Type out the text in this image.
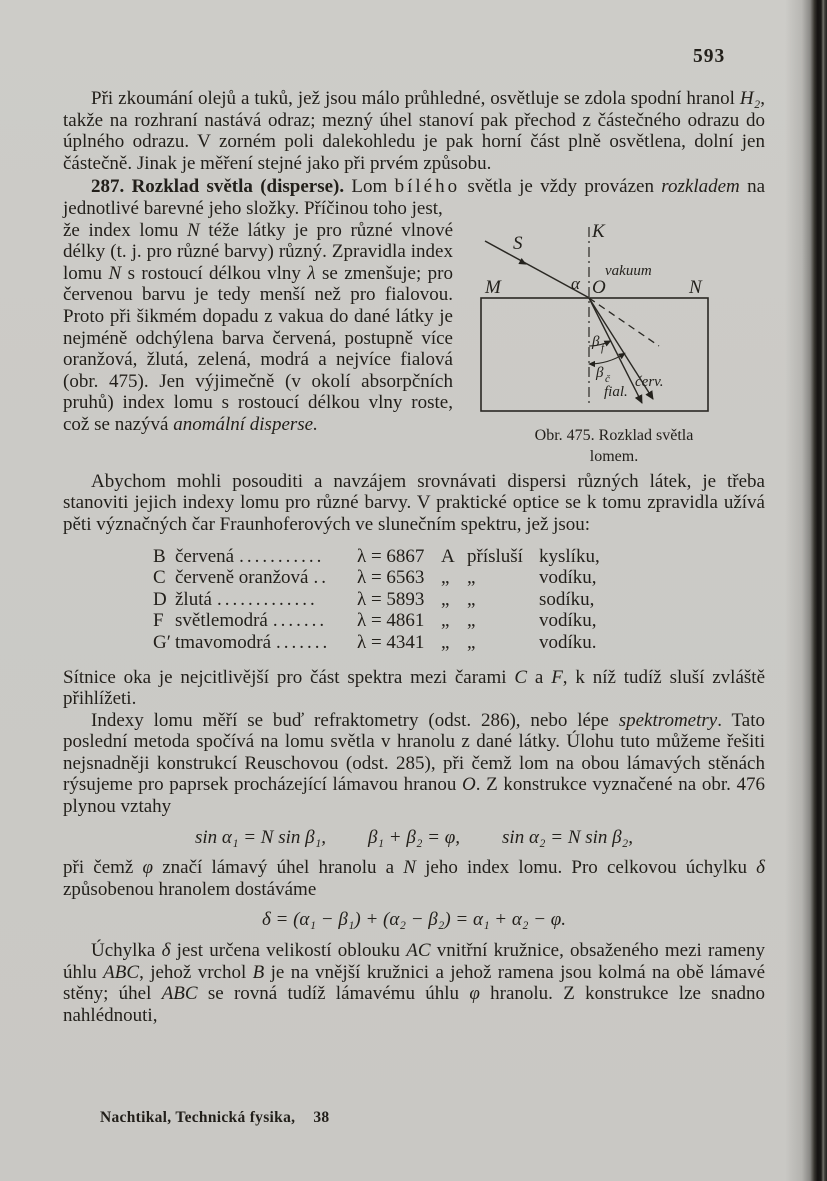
593

Při zkoumání olejů a tuků, jež jsou málo průhledné, osvětluje se zdola spodní hranol H₂, takže na rozhraní nastává odraz; mezný úhel stanoví pak přechod z částečného odrazu do úplného odrazu. V zorném poli dalekohledu je pak horní část plně osvětlena, dolní jen částečně. Jinak je měření stejné jako při prvém způsobu.

287. Rozklad světla (disperse). Lom bílého světla je vždy provázen rozkladem na jednotlivé barevné jeho složky. Příčinou toho jest,

K
S
α
vakuum
M	O	N
β f
β č
fial.
červ.
Obr. 475. Rozklad světla
lomem.
že index lomu N téže látky je pro různé vlnové délky (t. j. pro různé barvy) různý. Zpravidla index lomu N s rostoucí délkou vlny λ se zmenšuje; pro červenou barvu je tedy menší než pro fialovou. Proto při šikmém dopadu z vakua do dané látky je nejméně odchýlena barva červená, postupně více oranžová, žlutá, zelená, modrá a nejvíce fialová (obr. 475). Jen výjimečně (v okolí absorpčních pruhů) index lomu s rostoucí délkou vlny roste, což se nazývá anomální disperse.

Abychom mohli posouditi a navzájem srovnávati dispersi různých látek, je třeba stanoviti jejich indexy lomu pro různé barvy. V praktické optice se k tomu zpravidla užívá pěti význačných čar Fraunhoferových ve slunečním spektru, jež jsou:

B červená ...........	λ = 6867 A přísluší kyslíku,
C červeně oranžová ..	λ = 6563 „ „	vodíku,
D žlutá .............	λ = 5893 „ „	sodíku,
F světlemodrá .......	λ = 4861 „ „	vodíku,
G′ tmavomodrá .......	λ = 4341 „ „	vodíku.

Sítnice oka je nejcitlivější pro část spektra mezi čarami C a F, k níž tudíž sluší zvláště přihlížeti.

Indexy lomu měří se buď refraktometry (odst. 286), nebo lépe spektrometry. Tato poslední metoda spočívá na lomu světla v hranolu z dané látky. Úlohu tuto můžeme řešiti nejsnadněji konstrukcí Reuschovou (odst. 285), při čemž lom na obou lámavých stěnách rýsujeme pro paprsek procházející lámavou hranou O. Z konstrukce vyznačené na obr. 476 plynou vztahy

sin α₁ = N sin β₁, β₁ + β₂ = φ, sin α₂ = N sin β₂,

při čemž φ značí lámavý úhel hranolu a N jeho index lomu. Pro celkovou úchylku δ způsobenou hranolem dostáváme

δ = (α₁ − β₁) + (α₂ − β₂) = α₁ + α₂ − φ.

Úchylka δ jest určena velikostí oblouku AC vnitřní kružnice, obsaženého mezi rameny úhlu ABC, jehož vrchol B je na vnější kružnici a jehož ramena jsou kolmá na obě lámavé stěny; úhel ABC se rovná tudíž lámavému úhlu φ hranolu. Z konstrukce lze snadno nahlédnouti,

Nachtikal, Technická fysika, 38
